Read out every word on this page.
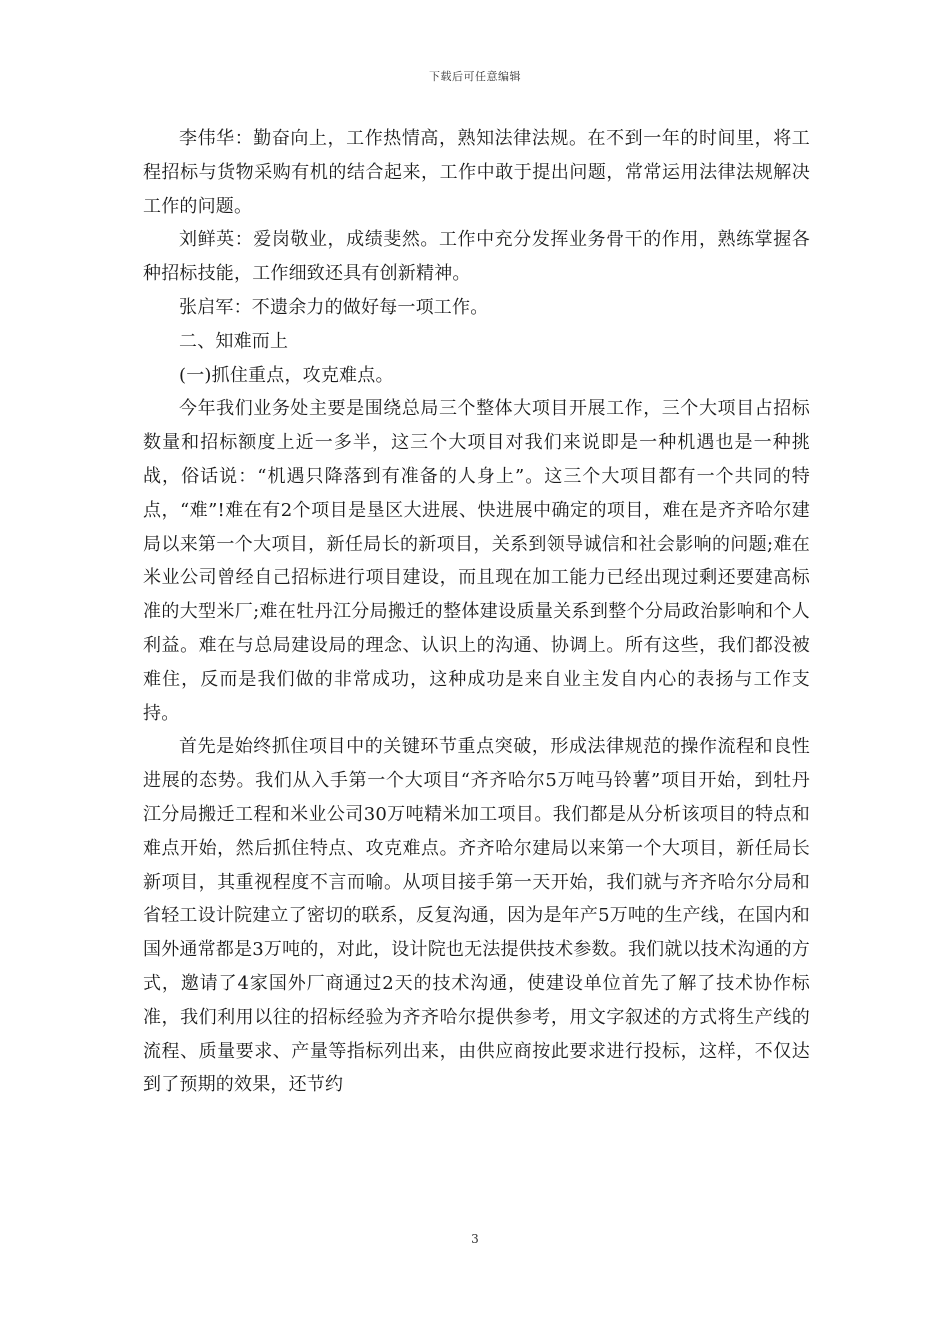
下载后可任意编辑

李伟华：勤奋向上，工作热情高，熟知法律法规。在不到一年的时间里，将工程招标与货物采购有机的结合起来，工作中敢于提出问题，常常运用法律法规解决工作的问题。

刘鲜英：爱岗敬业，成绩斐然。工作中充分发挥业务骨干的作用，熟练掌握各种招标技能，工作细致还具有创新精神。

张启军：不遗余力的做好每一项工作。

二、知难而上

(一)抓住重点，攻克难点。

今年我们业务处主要是围绕总局三个整体大项目开展工作，三个大项目占招标数量和招标额度上近一多半，这三个大项目对我们来说即是一种机遇也是一种挑战，俗话说：“机遇只降落到有准备的人身上”。这三个大项目都有一个共同的特点，“难”!难在有2个项目是垦区大进展、快进展中确定的项目，难在是齐齐哈尔建局以来第一个大项目，新任局长的新项目，关系到领导诚信和社会影响的问题;难在米业公司曾经自己招标进行项目建设，而且现在加工能力已经出现过剩还要建高标准的大型米厂;难在牡丹江分局搬迁的整体建设质量关系到整个分局政治影响和个人利益。难在与总局建设局的理念、认识上的沟通、协调上。所有这些，我们都没被难住，反而是我们做的非常成功，这种成功是来自业主发自内心的表扬与工作支持。

首先是始终抓住项目中的关键环节重点突破，形成法律规范的操作流程和良性进展的态势。我们从入手第一个大项目“齐齐哈尔5万吨马铃薯”项目开始，到牡丹江分局搬迁工程和米业公司30万吨精米加工项目。我们都是从分析该项目的特点和难点开始，然后抓住特点、攻克难点。齐齐哈尔建局以来第一个大项目，新任局长新项目，其重视程度不言而喻。从项目接手第一天开始，我们就与齐齐哈尔分局和省轻工设计院建立了密切的联系，反复沟通，因为是年产5万吨的生产线，在国内和国外通常都是3万吨的，对此，设计院也无法提供技术参数。我们就以技术沟通的方式，邀请了4家国外厂商通过2天的技术沟通，使建设单位首先了解了技术协作标准，我们利用以往的招标经验为齐齐哈尔提供参考，用文字叙述的方式将生产线的流程、质量要求、产量等指标列出来，由供应商按此要求进行投标，这样，不仅达到了预期的效果，还节约

3
